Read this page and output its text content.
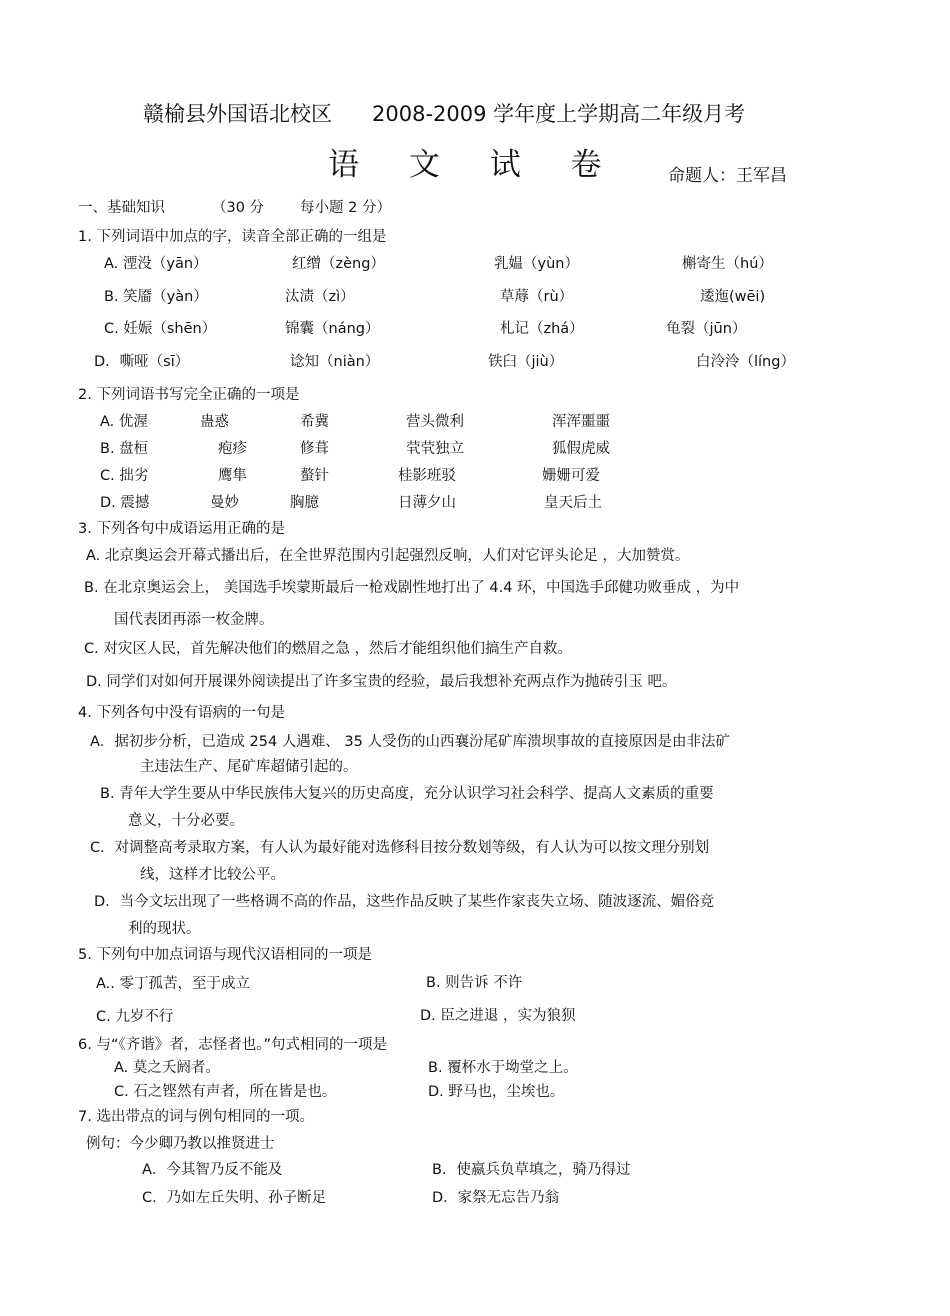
赣榆县外国语北校区 2008-2009 学年度上学期高二年级月考
语 文 试 卷	命题人：王军昌
一、基础知识	（30 分 每小题 2 分）
1. 下列词语中加点的字，读音全部正确的一组是
A. 湮没（yān）	红缯（zèng）	乳媪（yùn）	槲寄生（hú）
B. 笑靥（yàn）	汰渍（zì）	草蓐（rù）	逶迤(wēi)
C. 妊娠（shēn）	锦囊（náng）	札记（zhá）	龟裂（jūn）
D．嘶哑（sī）	谂知（niàn）	铁臼（jiù）	白泠泠（líng）
2. 下列词语书写完全正确的一项是
A. 优渥	蛊惑	希冀	营头微利	浑浑噩噩
B. 盘桓	疱疹	修葺	茕茕独立	狐假虎威
C. 拙劣	鹰隼	螯针	桂影班驳	姗姗可爱
D. 震撼	曼妙	胸臆	日薄夕山	皇天后土
3. 下列各句中成语运用正确的是
A. 北京奥运会开幕式播出后，在全世界范围内引起强烈反响，人们对它评头论足 ，大加赞赏。
B. 在北京奥运会上， 美国选手埃蒙斯最后一枪戏剧性地打出了 4.4 环，中国选手邱健功败垂成 ，为中
国代表团再添一枚金牌。
C. 对灾区人民，首先解决他们的燃眉之急 ，然后才能组织他们搞生产自救。
D. 同学们对如何开展课外阅读提出了许多宝贵的经验，最后我想补充两点作为抛砖引玉 吧。
4. 下列各句中没有语病的一句是
A．据初步分析，已造成 254 人遇难、 35 人受伤的山西襄汾尾矿库溃坝事故的直接原因是由非法矿
主违法生产、尾矿库超储引起的。
B. 青年大学生要从中华民族伟大复兴的历史高度，充分认识学习社会科学、提高人文素质的重要
意义，十分必要。
C．对调整高考录取方案，有人认为最好能对选修科目按分数划等级，有人认为可以按文理分别划
线，这样才比较公平。
D．当今文坛出现了一些格调不高的作品，这些作品反映了某些作家丧失立场、随波逐流、媚俗竞
利的现状。
5. 下列句中加点词语与现代汉语相同的一项是
A.. 零丁孤苦，至于成立	B. 则告诉 不许
C. 九岁不行	D. 臣之进退 ，实为狼狈
6. 与“《齐谐》者，志怪者也。”句式相同的一项是
A. 莫之夭阏者。	B. 覆杯水于坳堂之上。
C. 石之铿然有声者，所在皆是也。	D. 野马也，尘埃也。
7. 选出带点的词与例句相同的一项。
例句：今少卿乃教以推贤进士
A．今其智乃反不能及	B．使嬴兵负草填之，骑乃得过
C．乃如左丘失明、孙子断足	D．家祭无忘告乃翁
